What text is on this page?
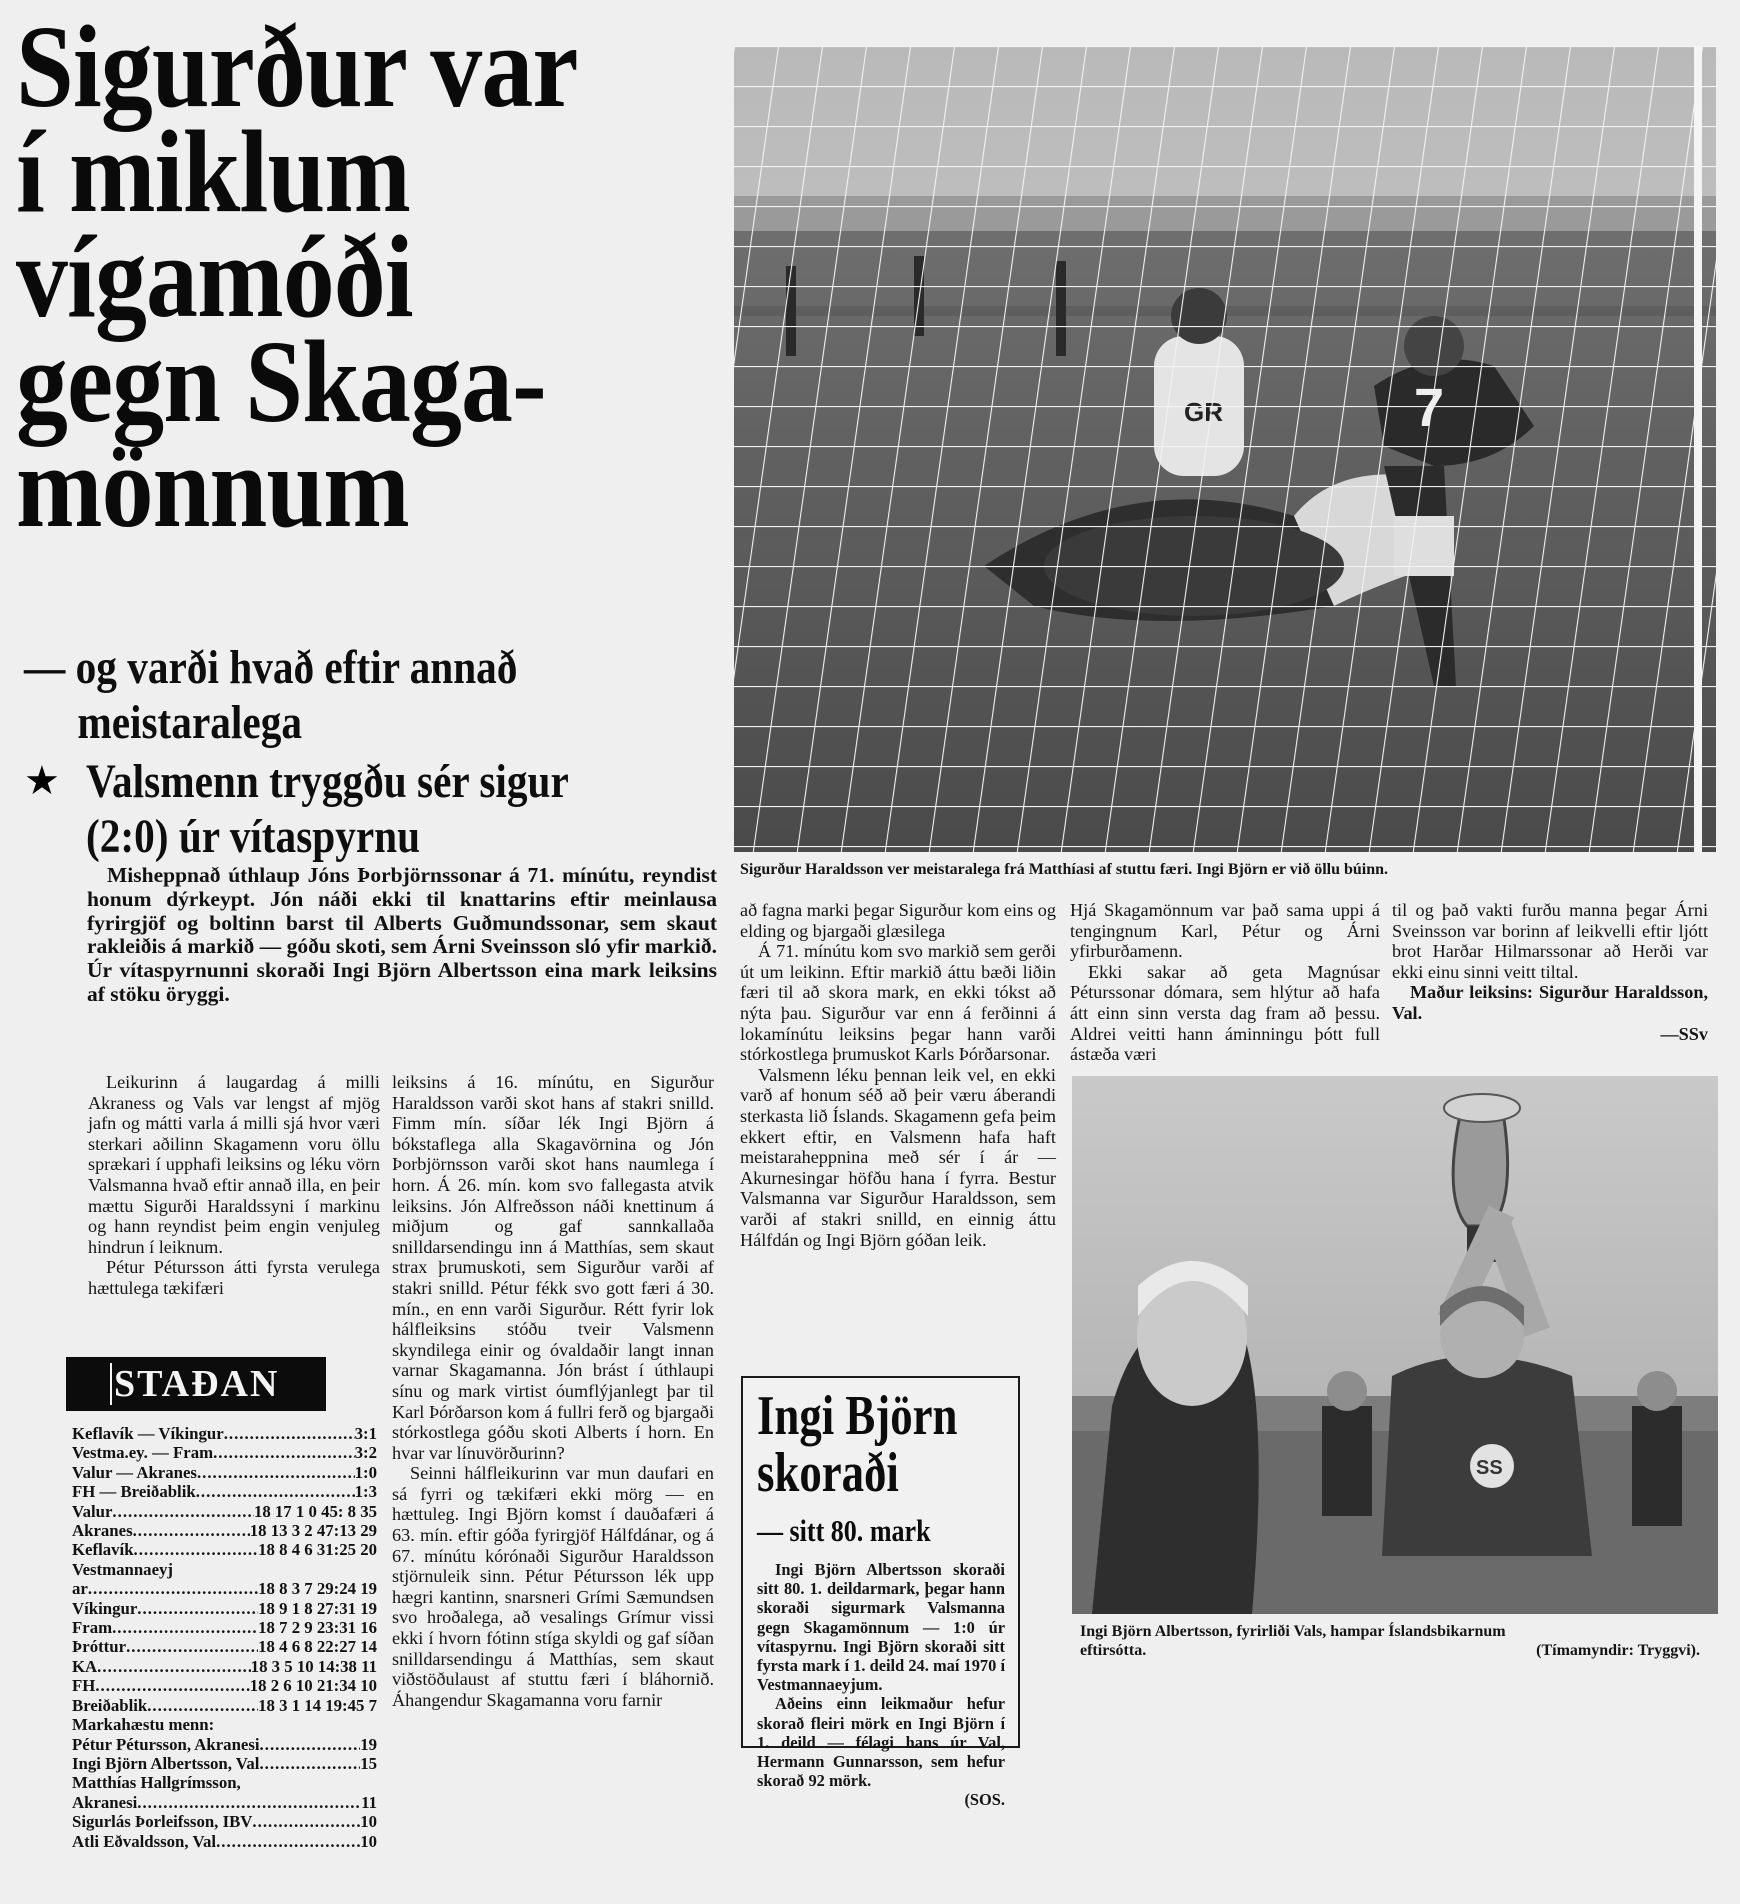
Sigurður var
í miklum
vígamóði
gegn Skaga-
mönnum
— og varði hvað eftir annað
meistaralega
★ Valsmenn tryggðu sér sigur
(2:0) úr vítaspyrnu

Misheppnað úthlaup Jóns Þorbjörnssonar á 71. mínútu, reyndist honum dýrkeypt. Jón náði ekki til knattarins eftir meinlausa fyrirgjöf og boltinn barst til Alberts Guðmundssonar, sem skaut rakleiðis á markið — góðu skoti, sem Árni Sveinsson sló yfir markið. Úr vítaspyrnunni skoraði Ingi Björn Albertsson eina mark leiksins af stöku öryggi.

Leikurinn á laugardag á milli Akraness og Vals var lengst af mjög jafn og mátti varla á milli sjá hvor væri sterkari aðilinn Skagamenn voru öllu sprækari í upphafi leiksins og léku vörn Valsmanna hvað eftir annað illa, en þeir mættu Sigurði Haraldssyni í markinu og hann reyndist þeim engin venjuleg hindrun í leiknum.

Pétur Pétursson átti fyrsta verulega hættulega tækifæri

STAÐAN
Keflavík — Víkingur .....	3:1
Vestma.ey. — Fram .....	3:2
Valur — Akranes .....	1:0
FH — Breiðablik .....	1:3
Valur .....	18 17 1 0 45: 8 35
Akranes .....	18 13 3 2 47:13 29
Keflavík .....	18 8 4 6 31:25 20
Vestmannaeyj
ar .....	18 8 3 7 29:24 19
Víkingur .....	18 9 1 8 27:31 19
Fram .....	18 7 2 9 23:31 16
Þróttur .....	18 4 6 8 22:27 14
KA .....	18 3 5 10 14:38 11
FH .....	18 2 6 10 21:34 10
Breiðablik .....	18 3 1 14 19:45 7
Markahæstu menn:
Pétur Pétursson, Akranesi .....	19
Ingi Björn Albertsson, Val .....	15
Matthías Hallgrímsson,
Akranesi .....	11
Sigurlás Þorleifsson, IBV .....	10
Atli Eðvaldsson, Val .....	10

leiksins á 16. mínútu, en Sigurður Haraldsson varði skot hans af stakri snilld. Fimm mín. síðar lék Ingi Björn á bókstaflega alla Skagavörnina og Jón Þorbjörnsson varði skot hans naumlega í horn. Á 26. mín. kom svo fallegasta atvik leiksins. Jón Alfreðsson náði knettinum á miðjum og gaf sannkallaða snilldarsendingu inn á Matthías, sem skaut strax þrumuskoti, sem Sigurður varði af stakri snilld. Pétur fékk svo gott færi á 30. mín., en enn varði Sigurður. Rétt fyrir lok hálfleiksins stóðu tveir Valsmenn skyndilega einir og óvaldaðir langt innan varnar Skagamanna. Jón brást í úthlaupi sínu og mark virtist óumflýjanlegt þar til Karl Þórðarson kom á fullri ferð og bjargaði stórkostlega góðu skoti Alberts í horn. En hvar var línuvörðurinn?

Seinni hálfleikurinn var mun daufari en sá fyrri og tækifæri ekki mörg — en hættuleg. Ingi Björn komst í dauðafæri á 63. mín. eftir góða fyrirgjöf Hálfdánar, og á 67. mínútu kórónaði Sigurður Haraldsson stjörnuleik sinn. Pétur Pétursson lék upp hægri kantinn, snarsneri Grími Sæmundsen svo hroðalega, að vesalings Grímur vissi ekki í hvorn fótinn stíga skyldi og gaf síðan snilldarsendingu á Matthías, sem skaut viðstöðulaust af stuttu færi í bláhornið. Áhangendur Skagamanna voru farnir

Sigurður Haraldsson ver meistaralega frá Matthíasi af stuttu færi. Ingi Björn er við öllu búinn.

að fagna marki þegar Sigurður kom eins og elding og bjargaði glæsilega

Á 71. mínútu kom svo markið sem gerði út um leikinn. Eftir markið áttu bæði liðin færi til að skora mark, en ekki tókst að nýta þau. Sigurður var enn á ferðinni á lokamínútu leiksins þegar hann varði stórkostlega þrumuskot Karls Þórðarsonar.

Valsmenn léku þennan leik vel, en ekki varð af honum séð að þeir væru áberandi sterkasta lið Íslands. Skagamenn gefa þeim ekkert eftir, en Valsmenn hafa haft meistaraheppnina með sér í ár — Akurnesingar höfðu hana í fyrra. Bestur Valsmanna var Sigurður Haraldsson, sem varði af stakri snilld, en einnig áttu Hálfdán og Ingi Björn góðan leik.

Hjá Skagamönnum var það sama uppi á tengingnum Karl, Pétur og Árni yfirburðamenn.

Ekki sakar að geta Magnúsar Péturssonar dómara, sem hlýtur að hafa átt einn sinn versta dag fram að þessu. Aldrei veitti hann áminningu þótt full ástæða væri

til og það vakti furðu manna þegar Árni Sveinsson var borinn af leikvelli eftir ljótt brot Harðar Hilmarssonar að Herði var ekki einu sinni veitt tiltal.

Maður leiksins: Sigurður Haraldsson, Val.

—SSv

SS
Ingi Björn Albertsson, fyrirliði Vals, hampar Íslandsbikarnum
eftirsótta.	(Tímamyndir: Tryggvi).
Ingi Björn
skoraði
— sitt 80. mark

Ingi Björn Albertsson skoraði sitt 80. 1. deildarmark, þegar hann skoraði sigurmark Valsmanna gegn Skagamönnum — 1:0 úr vítaspyrnu. Ingi Björn skoraði sitt fyrsta mark í 1. deild 24. maí 1970 í Vestmannaeyjum.

Aðeins einn leikmaður hefur skorað fleiri mörk en Ingi Björn í 1. deild — félagi hans úr Val, Hermann Gunnarsson, sem hefur skorað 92 mörk.

(SOS.
